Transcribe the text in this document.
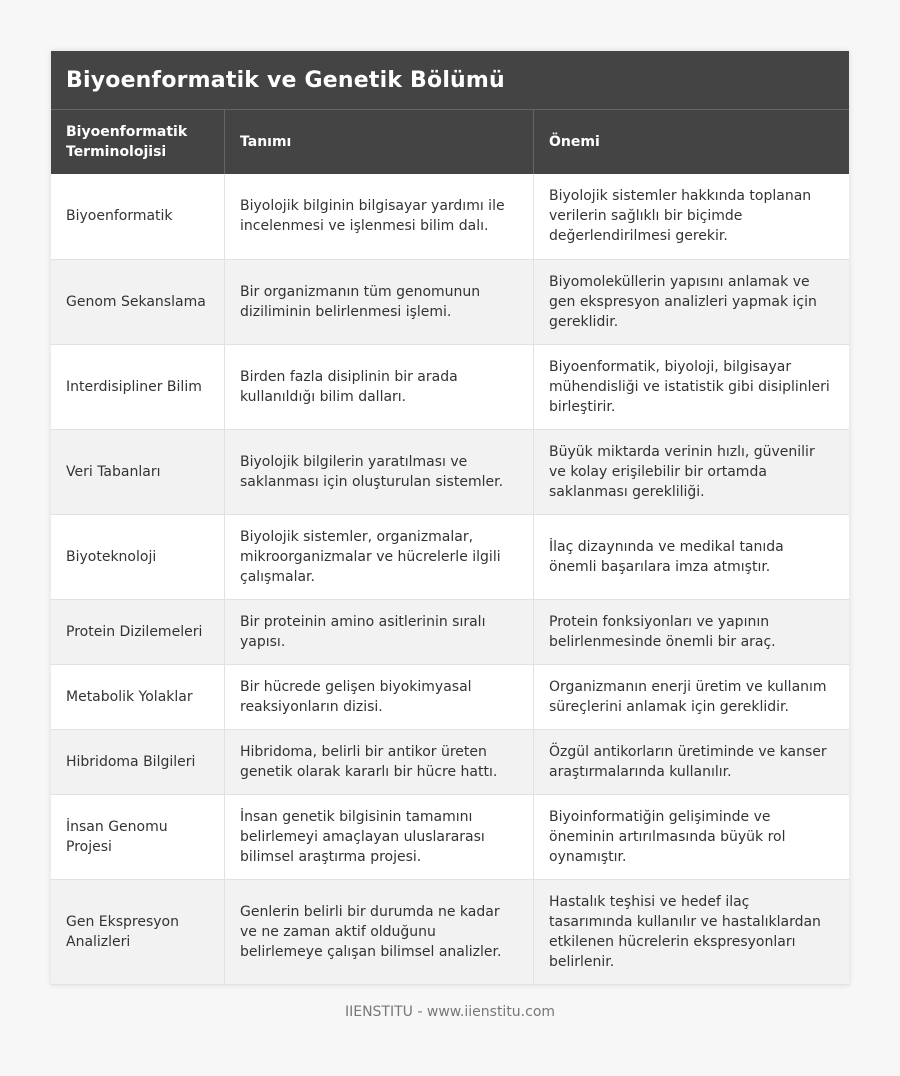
Biyoenformatik ve Genetik Bölümü
Biyoenformatik Terminolojisi	Tanımı	Önemi
Biyoenformatik	Biyolojik bilginin bilgisayar yardımı ile incelenmesi ve işlenmesi bilim dalı.	Biyolojik sistemler hakkında toplanan verilerin sağlıklı bir biçimde değerlendirilmesi gerekir.
Genom Sekanslama	Bir organizmanın tüm genomunun diziliminin belirlenmesi işlemi.	Biyomoleküllerin yapısını anlamak ve gen ekspresyon analizleri yapmak için gereklidir.
Interdisipliner Bilim	Birden fazla disiplinin bir arada kullanıldığı bilim dalları.	Biyoenformatik, biyoloji, bilgisayar mühendisliği ve istatistik gibi disiplinleri birleştirir.
Veri Tabanları	Biyolojik bilgilerin yaratılması ve saklanması için oluşturulan sistemler.	Büyük miktarda verinin hızlı, güvenilir ve kolay erişilebilir bir ortamda saklanması gerekliliği.
Biyoteknoloji	Biyolojik sistemler, organizmalar, mikroorganizmalar ve hücrelerle ilgili çalışmalar.	İlaç dizaynında ve medikal tanıda önemli başarılara imza atmıştır.
Protein Dizilemeleri	Bir proteinin amino asitlerinin sıralı yapısı.	Protein fonksiyonları ve yapının belirlenmesinde önemli bir araç.
Metabolik Yolaklar	Bir hücrede gelişen biyokimyasal reaksiyonların dizisi.	Organizmanın enerji üretim ve kullanım süreçlerini anlamak için gereklidir.
Hibridoma Bilgileri	Hibridoma, belirli bir antikor üreten genetik olarak kararlı bir hücre hattı.	Özgül antikorların üretiminde ve kanser araştırmalarında kullanılır.
İnsan Genomu Projesi	İnsan genetik bilgisinin tamamını belirlemeyi amaçlayan uluslararası bilimsel araştırma projesi.	Biyoinformatiğin gelişiminde ve öneminin artırılmasında büyük rol oynamıştır.
Gen Ekspresyon Analizleri	Genlerin belirli bir durumda ne kadar ve ne zaman aktif olduğunu belirlemeye çalışan bilimsel analizler.	Hastalık teşhisi ve hedef ilaç tasarımında kullanılır ve hastalıklardan etkilenen hücrelerin ekspresyonları belirlenir.
IIENSTITU - www.iienstitu.com
